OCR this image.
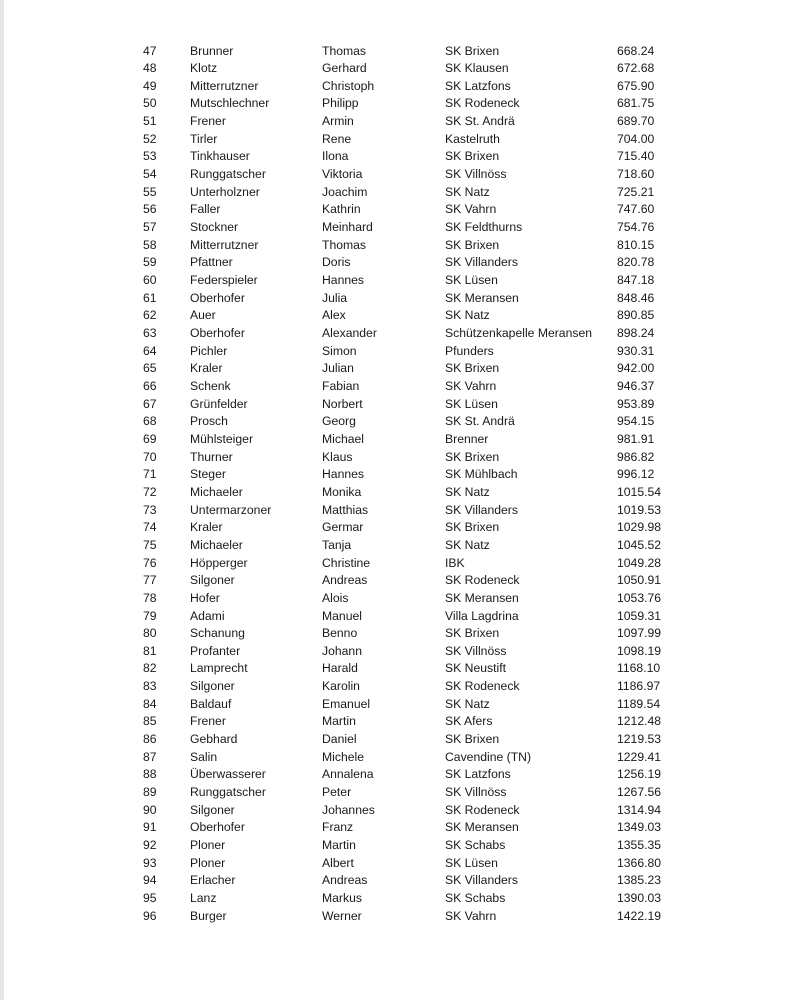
47	Brunner	Thomas	SK Brixen	668.24
48	Klotz	Gerhard	SK Klausen	672.68
49	Mitterrutzner	Christoph	SK Latzfons	675.90
50	Mutschlechner	Philipp	SK Rodeneck	681.75
51	Frener	Armin	SK St. Andrä	689.70
52	Tirler	Rene	Kastelruth	704.00
53	Tinkhauser	Ilona	SK Brixen	715.40
54	Runggatscher	Viktoria	SK Villnöss	718.60
55	Unterholzner	Joachim	SK Natz	725.21
56	Faller	Kathrin	SK Vahrn	747.60
57	Stockner	Meinhard	SK Feldthurns	754.76
58	Mitterrutzner	Thomas	SK Brixen	810.15
59	Pfattner	Doris	SK Villanders	820.78
60	Federspieler	Hannes	SK Lüsen	847.18
61	Oberhofer	Julia	SK Meransen	848.46
62	Auer	Alex	SK Natz	890.85
63	Oberhofer	Alexander	Schützenkapelle Meransen 898.24
64	Pichler	Simon	Pfunders	930.31
65	Kraler	Julian	SK Brixen	942.00
66	Schenk	Fabian	SK Vahrn	946.37
67	Grünfelder	Norbert	SK Lüsen	953.89
68	Prosch	Georg	SK St. Andrä	954.15
69	Mühlsteiger	Michael	Brenner	981.91
70	Thurner	Klaus	SK Brixen	986.82
71	Steger	Hannes	SK Mühlbach	996.12
72	Michaeler	Monika	SK Natz	1015.54
73	Untermarzoner	Matthias	SK Villanders	1019.53
74	Kraler	Germar	SK Brixen	1029.98
75	Michaeler	Tanja	SK Natz	1045.52
76	Höpperger	Christine	IBK	1049.28
77	Silgoner	Andreas	SK Rodeneck	1050.91
78	Hofer	Alois	SK Meransen	1053.76
79	Adami	Manuel	Villa Lagdrina	1059.31
80	Schanung	Benno	SK Brixen	1097.99
81	Profanter	Johann	SK Villnöss	1098.19
82	Lamprecht	Harald	SK Neustift	1168.10
83	Silgoner	Karolin	SK Rodeneck	1186.97
84	Baldauf	Emanuel	SK Natz	1189.54
85	Frener	Martin	SK Afers	1212.48
86	Gebhard	Daniel	SK Brixen	1219.53
87	Salin	Michele	Cavendine (TN)	1229.41
88	Überwasserer	Annalena	SK Latzfons	1256.19
89	Runggatscher	Peter	SK Villnöss	1267.56
90	Silgoner	Johannes	SK Rodeneck	1314.94
91	Oberhofer	Franz	SK Meransen	1349.03
92	Ploner	Martin	SK Schabs	1355.35
93	Ploner	Albert	SK Lüsen	1366.80
94	Erlacher	Andreas	SK Villanders	1385.23
95	Lanz	Markus	SK Schabs	1390.03
96	Burger	Werner	SK Vahrn	1422.19
